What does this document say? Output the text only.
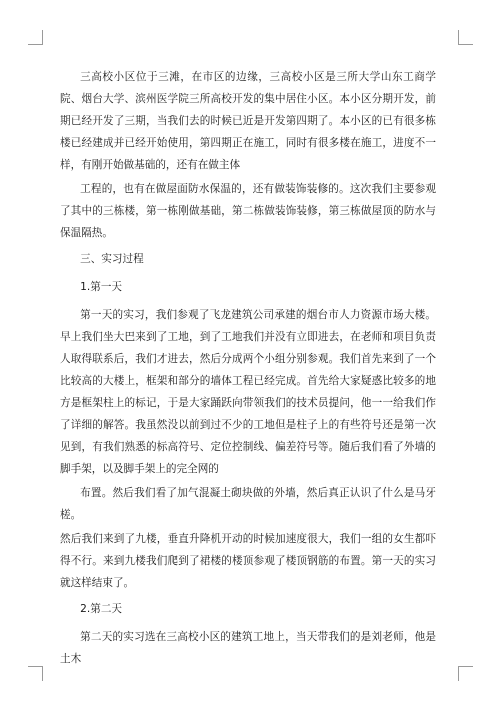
三高校小区位于三滩，在市区的边缘，三高校小区是三所大学山东工商学院、烟台大学、滨州医学院三所高校开发的集中居住小区。本小区分期开发，前期已经开发了三期，当我们去的时候已近是开发第四期了。本小区的已有很多栋楼已经建成并已经开始使用，第四期正在施工，同时有很多楼在施工，进度不一样，有刚开始做基础的，还有在做主体

工程的，也有在做屋面防水保温的，还有做装饰装修的。这次我们主要参观了其中的三栋楼，第一栋刚做基础，第二栋做装饰装修，第三栋做屋顶的防水与保温隔热。

三、实习过程

1.第一天

第一天的实习，我们参观了飞龙建筑公司承建的烟台市人力资源市场大楼。早上我们坐大巴来到了工地，到了工地我们并没有立即进去，在老师和项目负责人取得联系后，我们才进去，然后分成两个小组分别参观。我们首先来到了一个比较高的大楼上，框架和部分的墙体工程已经完成。首先给大家疑惑比较多的地方是框架柱上的标记，于是大家踊跃向带领我们的技术员提问，他一一给我们作了详细的解答。我虽然没以前到过不少的工地但是柱子上的有些符号还是第一次见到，有我们熟悉的标高符号、定位控制线、偏差符号等。随后我们看了外墙的脚手架，以及脚手架上的完全网的

布置。然后我们看了加气混凝土砌块做的外墙，然后真正认识了什么是马牙槎。

然后我们来到了九楼，垂直升降机开动的时候加速度很大，我们一组的女生都吓得不行。来到九楼我们爬到了裙楼的楼顶参观了楼顶钢筋的布置。第一天的实习就这样结束了。

2.第二天

第二天的实习选在三高校小区的建筑工地上，当天带我们的是刘老师，他是土木
